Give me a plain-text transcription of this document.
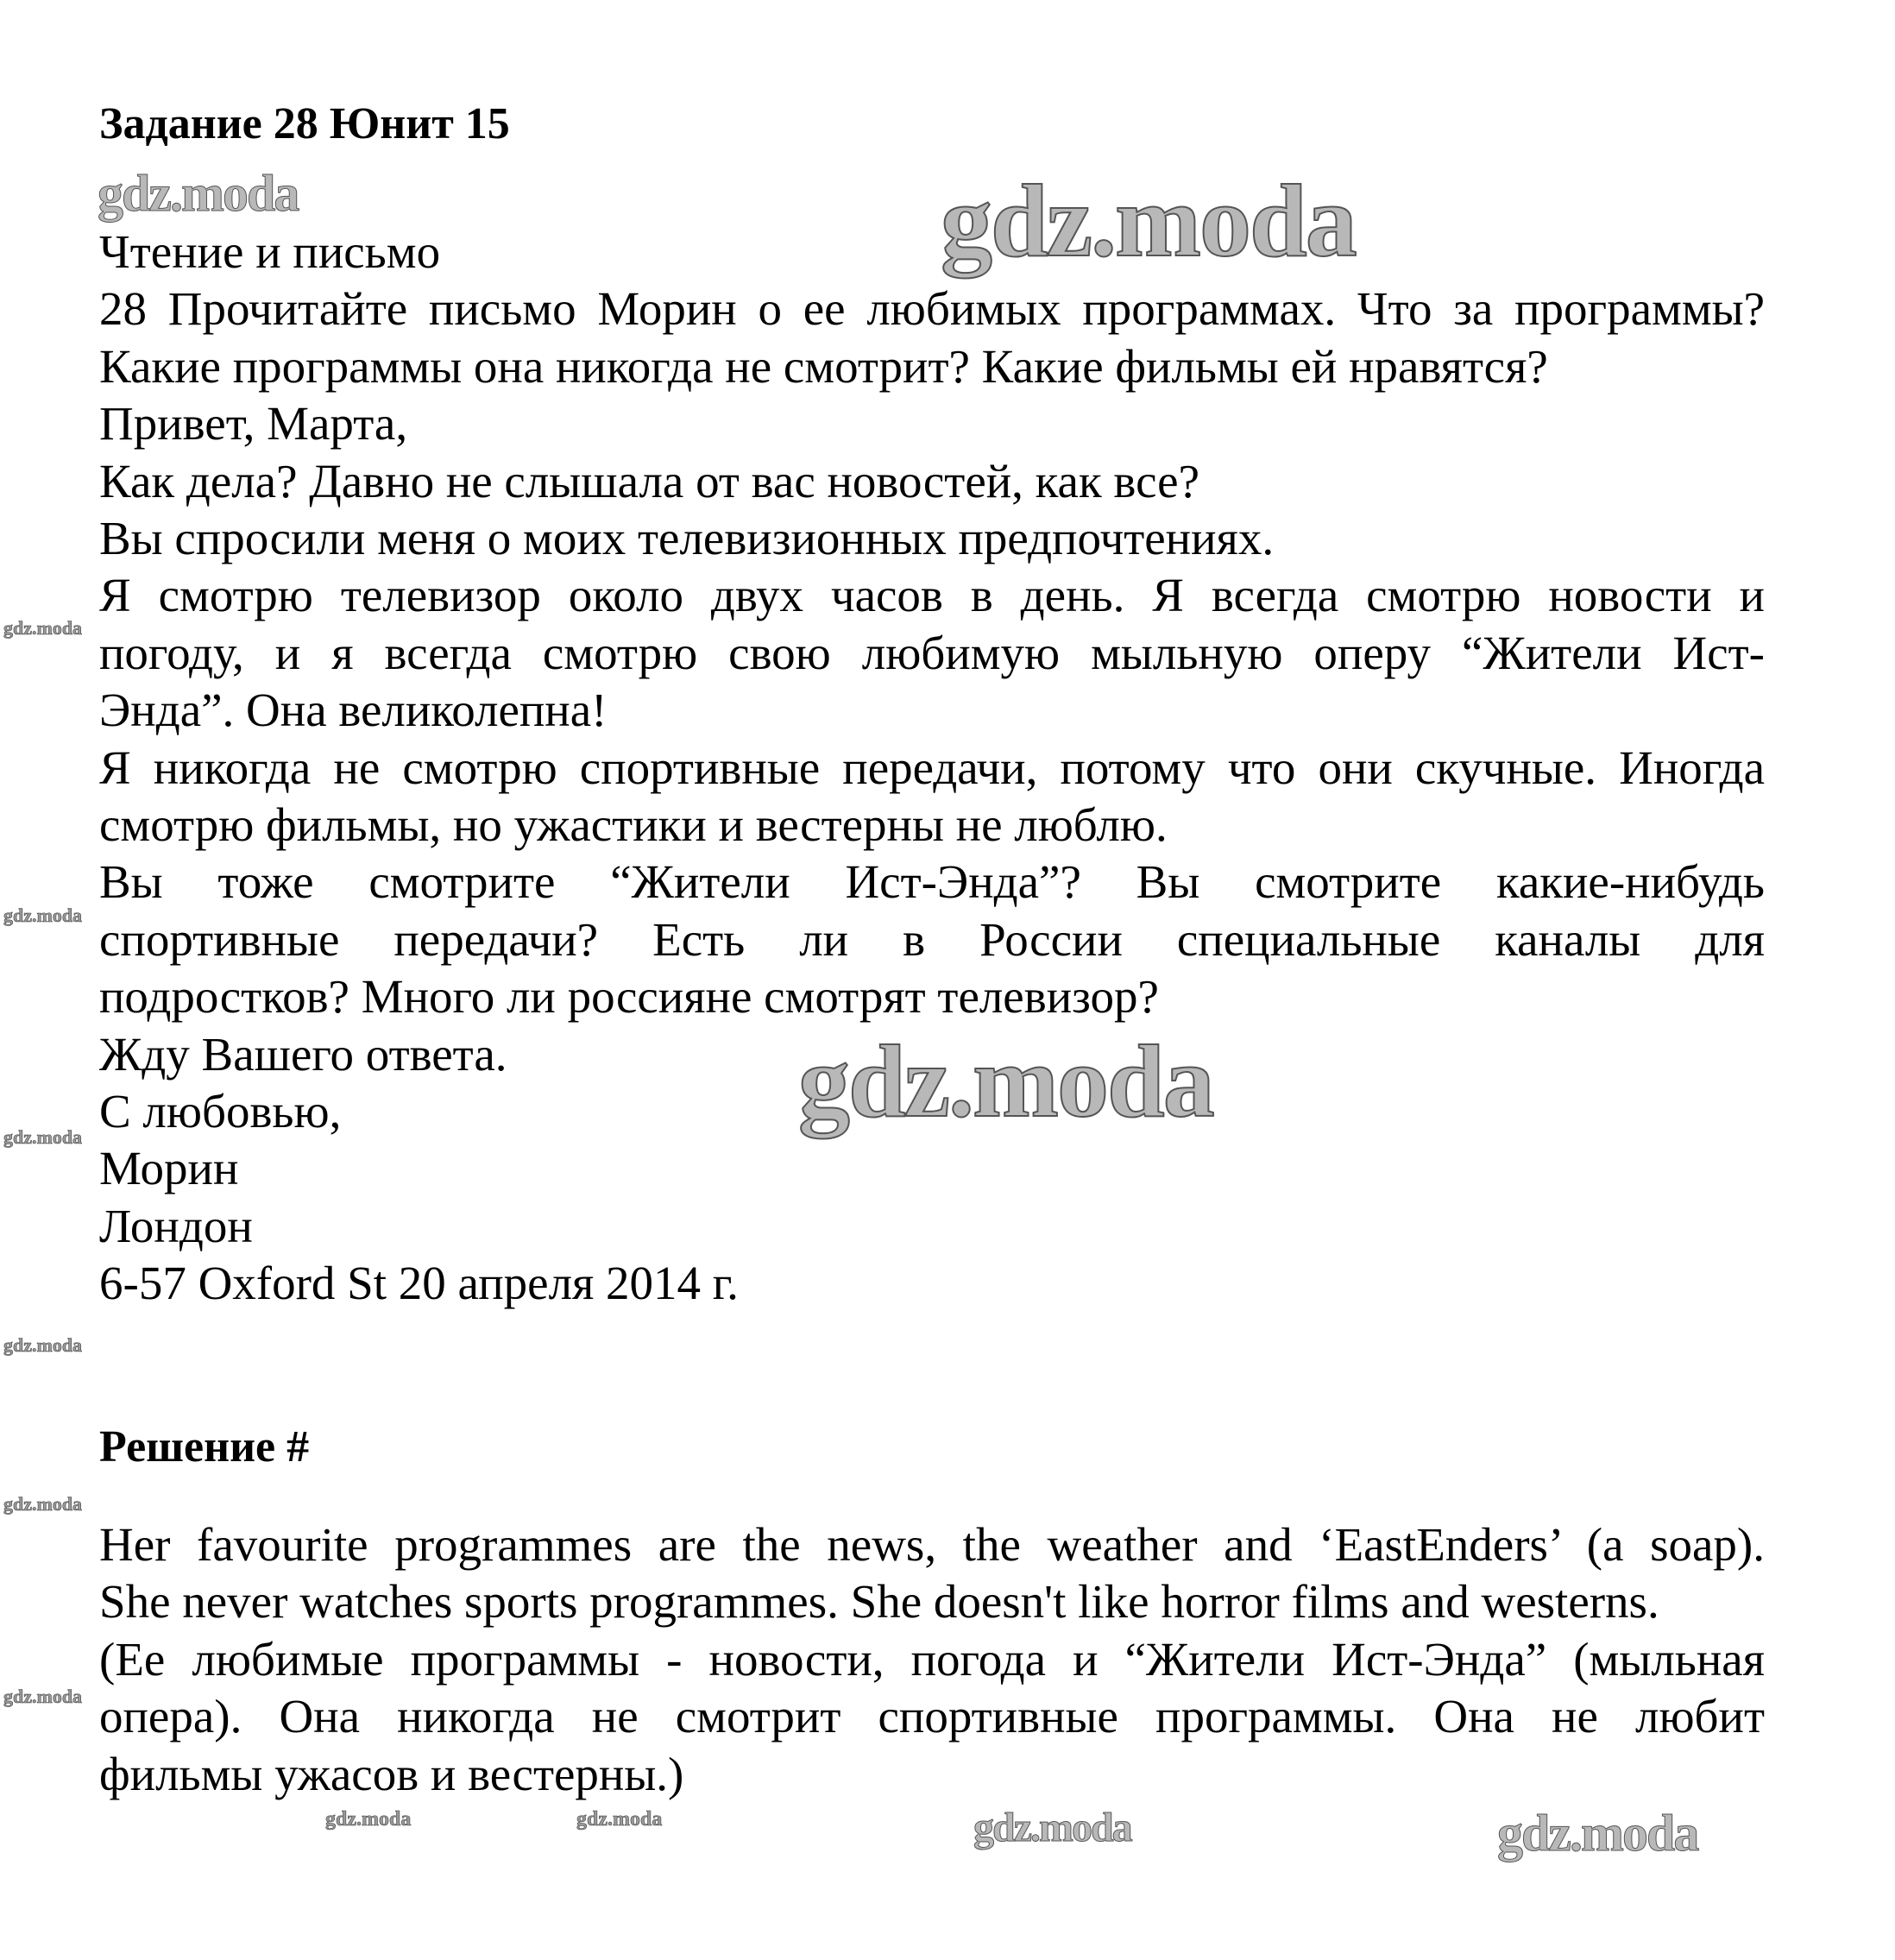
Задание 28 Юнит 15
Чтение и письмо
28 Прочитайте письмо Морин о ее любимых программах. Что за программы?
Какие программы она никогда не смотрит? Какие фильмы ей нравятся?
Привет, Марта,
Как дела? Давно не слышала от вас новостей, как все?
Вы спросили меня о моих телевизионных предпочтениях.
Я смотрю телевизор около двух часов в день. Я всегда смотрю новости и
погоду, и я всегда смотрю свою любимую мыльную оперу “Жители Ист-
Энда”. Она великолепна!
Я никогда не смотрю спортивные передачи, потому что они скучные. Иногда
смотрю фильмы, но ужастики и вестерны не люблю.
Вы тоже смотрите “Жители Ист-Энда”? Вы смотрите какие-нибудь
спортивные передачи? Есть ли в России специальные каналы для
подростков? Много ли россияне смотрят телевизор?
Жду Вашего ответа.
С любовью,
Морин
Лондон
6-57 Oxford St 20 апреля 2014 г.
Решение #
Her favourite programmes are the news, the weather and ‘EastEnders’ (a soap).
She never watches sports programmes. She doesn't like horror films and westerns.
(Ее любимые программы - новости, погода и “Жители Ист-Энда” (мыльная
опера). Она никогда не смотрит спортивные программы. Она не любит
фильмы ужасов и вестерны.)
gdz.moda
gdz.moda
gdz.moda
gdz.moda	gdz.moda
gdz.moda
gdz.moda
gdz.moda
gdz.moda
gdz.moda
gdz.moda
gdz.moda	gdz.moda
